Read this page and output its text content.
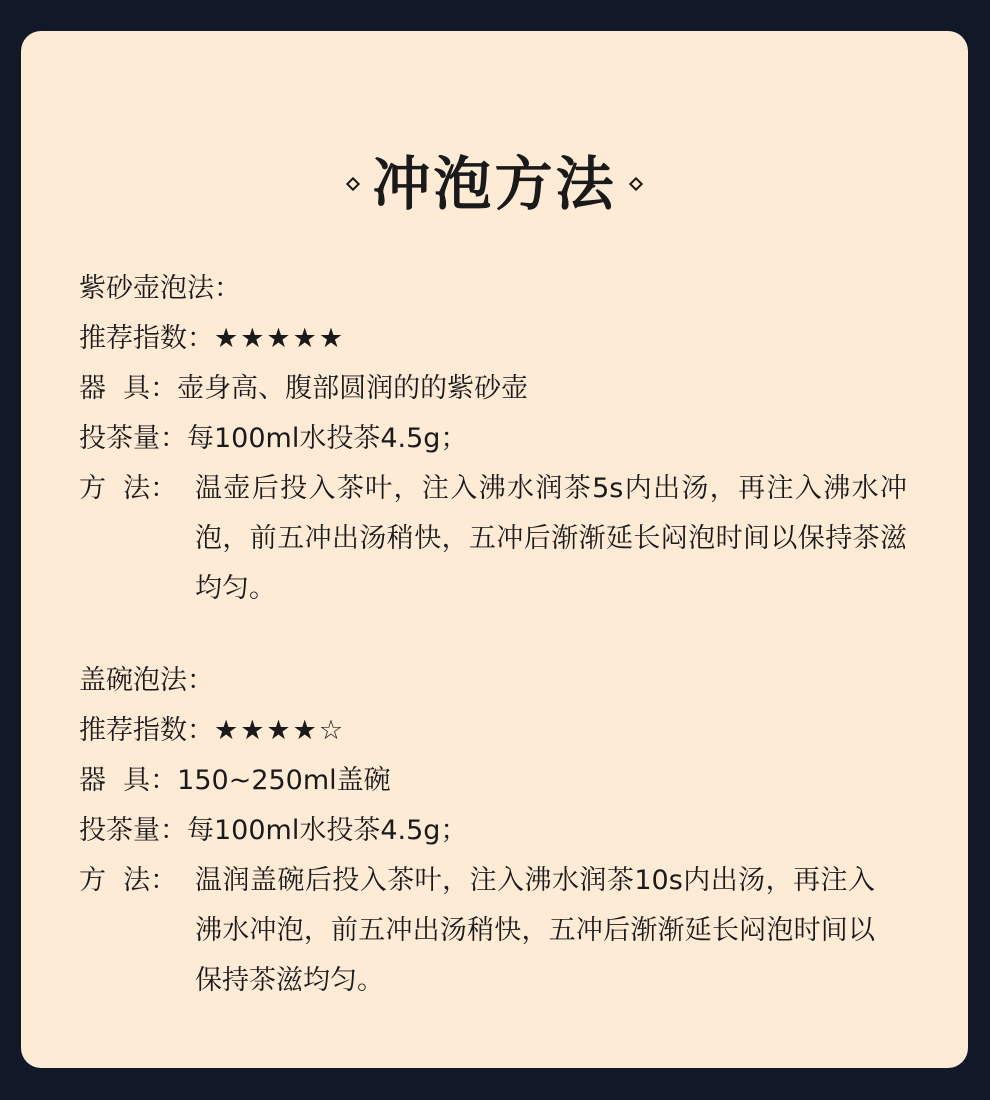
冲泡方法
紫砂壶泡法：
推荐指数： ★★★★★
器  具： 壶身高、腹部圆润的的紫砂壶
投茶量： 每100ml水投茶4.5g；
方  法： 温壶后投入茶叶，注入沸水润茶5s内出汤，再注入沸水冲泡，前五冲出汤稍快，五冲后渐渐延长闷泡时间以保持茶滋均匀。
盖碗泡法：
推荐指数： ★★★★☆
器  具： 150~250ml盖碗
投茶量： 每100ml水投茶4.5g；
方  法： 温润盖碗后投入茶叶，注入沸水润茶10s内出汤，再注入沸水冲泡，前五冲出汤稍快，五冲后渐渐延长闷泡时间以保持茶滋均匀。
